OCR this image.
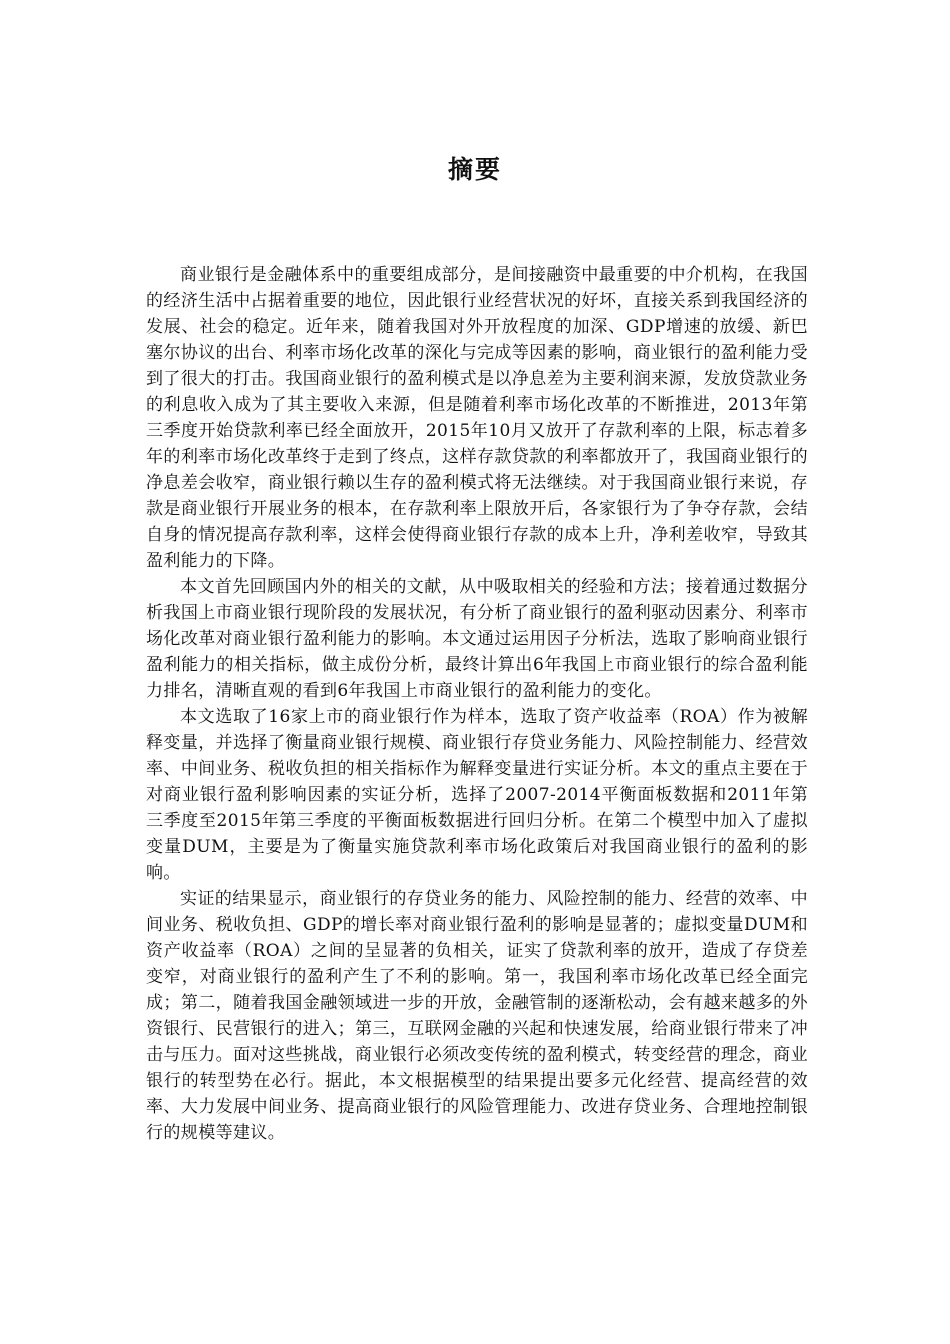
摘要

商业银行是金融体系中的重要组成部分，是间接融资中最重要的中介机构，在我国的经济生活中占据着重要的地位，因此银行业经营状况的好坏，直接关系到我国经济的发展、社会的稳定。近年来，随着我国对外开放程度的加深、GDP增速的放缓、新巴塞尔协议的出台、利率市场化改革的深化与完成等因素的影响，商业银行的盈利能力受到了很大的打击。我国商业银行的盈利模式是以净息差为主要利润来源，发放贷款业务的利息收入成为了其主要收入来源，但是随着利率市场化改革的不断推进，2013年第三季度开始贷款利率已经全面放开，2015年10月又放开了存款利率的上限，标志着多年的利率市场化改革终于走到了终点，这样存款贷款的利率都放开了，我国商业银行的净息差会收窄，商业银行赖以生存的盈利模式将无法继续。对于我国商业银行来说，存款是商业银行开展业务的根本，在存款利率上限放开后，各家银行为了争夺存款，会结自身的情况提高存款利率，这样会使得商业银行存款的成本上升，净利差收窄，导致其盈利能力的下降。

本文首先回顾国内外的相关的文献，从中吸取相关的经验和方法；接着通过数据分析我国上市商业银行现阶段的发展状况，有分析了商业银行的盈利驱动因素分、利率市场化改革对商业银行盈利能力的影响。本文通过运用因子分析法，选取了影响商业银行盈利能力的相关指标，做主成份分析，最终计算出6年我国上市商业银行的综合盈利能力排名，清晰直观的看到6年我国上市商业银行的盈利能力的变化。

本文选取了16家上市的商业银行作为样本，选取了资产收益率（ROA）作为被解释变量，并选择了衡量商业银行规模、商业银行存贷业务能力、风险控制能力、经营效率、中间业务、税收负担的相关指标作为解释变量进行实证分析。本文的重点主要在于对商业银行盈利影响因素的实证分析，选择了2007-2014平衡面板数据和2011年第三季度至2015年第三季度的平衡面板数据进行回归分析。在第二个模型中加入了虚拟变量DUM，主要是为了衡量实施贷款利率市场化政策后对我国商业银行的盈利的影响。

实证的结果显示，商业银行的存贷业务的能力、风险控制的能力、经营的效率、中间业务、税收负担、GDP的增长率对商业银行盈利的影响是显著的；虚拟变量DUM和资产收益率（ROA）之间的呈显著的负相关，证实了贷款利率的放开，造成了存贷差变窄，对商业银行的盈利产生了不利的影响。第一，我国利率市场化改革已经全面完成；第二，随着我国金融领域进一步的开放，金融管制的逐渐松动，会有越来越多的外资银行、民营银行的进入；第三，互联网金融的兴起和快速发展，给商业银行带来了冲击与压力。面对这些挑战，商业银行必须改变传统的盈利模式，转变经营的理念，商业银行的转型势在必行。据此，本文根据模型的结果提出要多元化经营、提高经营的效率、大力发展中间业务、提高商业银行的风险管理能力、改进存贷业务、合理地控制银行的规模等建议。
